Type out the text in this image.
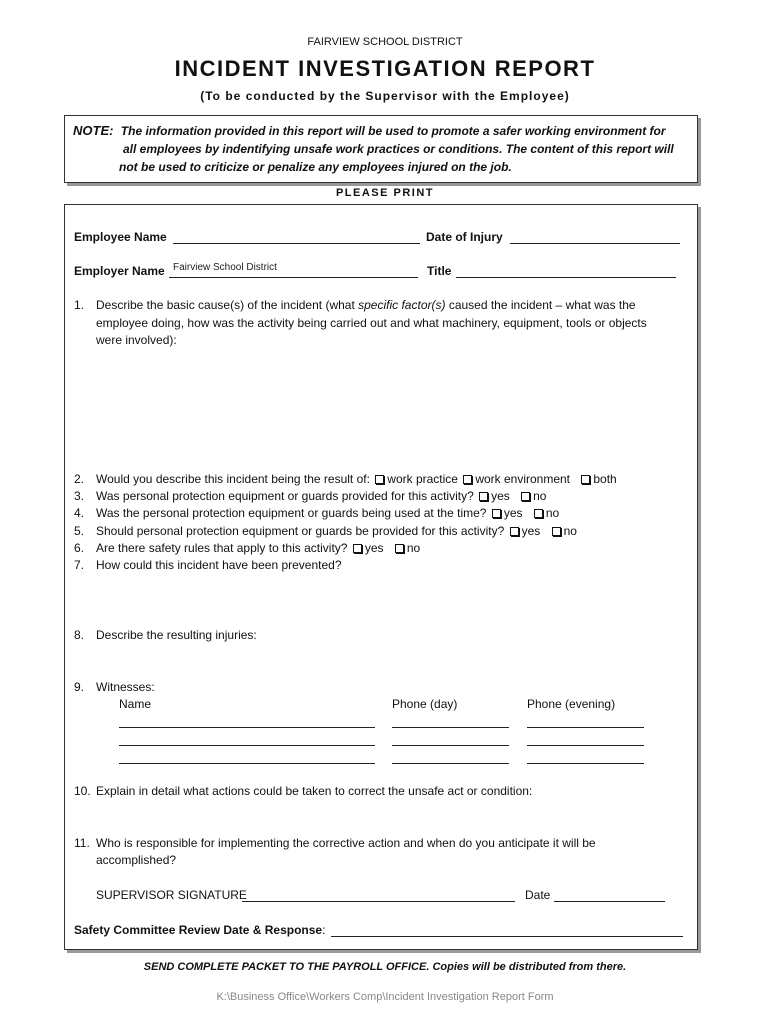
FAIRVIEW SCHOOL DISTRICT
INCIDENT INVESTIGATION REPORT
(To be conducted by the Supervisor with the Employee)
NOTE: The information provided in this report will be used to promote a safer working environment for
all employees by indentifying unsafe work practices or conditions. The content of this report will
not be used to criticize or penalize any employees injured on the job.
PLEASE PRINT
Employee Name	Date of Injury
Employer Name Fairview School District	Title
1. Describe the basic cause(s) of the incident (what specific factor(s) caused the incident – what was the
employee doing, how was the activity being carried out and what machinery, equipment, tools or objects
were involved):
2. Would you describe this incident being the result of: work practice work environment both
3. Was personal protection equipment or guards provided for this activity? yes no
4. Was the personal protection equipment or guards being used at the time? yes no
5. Should personal protection equipment or guards be provided for this activity? yes no
6. Are there safety rules that apply to this activity? yes no
7. How could this incident have been prevented?
8. Describe the resulting injuries:
9. Witnesses:
Name	Phone (day)	Phone (evening)
10. Explain in detail what actions could be taken to correct the unsafe act or condition:
11. Who is responsible for implementing the corrective action and when do you anticipate it will be
accomplished?
SUPERVISOR SIGNATURE	Date
Safety Committee Review Date & Response:
SEND COMPLETE PACKET TO THE PAYROLL OFFICE. Copies will be distributed from there.
K:\Business Office\Workers Comp\Incident Investigation Report Form
